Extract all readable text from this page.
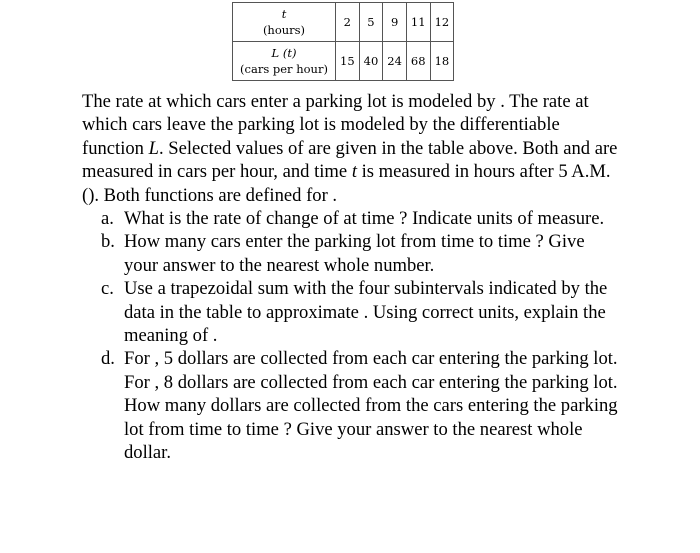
t
(hours)	2	5	9	11	12

L (t)
(cars per hour)	15	40	24	68	18

The rate at which cars enter a parking lot is modeled by . The rate at which cars leave the parking lot is modeled by the differentiable function L. Selected values of are given in the table above. Both and are measured in cars per hour, and time t is measured in hours after 5 A.M. (). Both functions are defined for .

a. What is the rate of change of at time ? Indicate units of measure.
b. How many cars enter the parking lot from time to time ? Give your answer to the nearest whole number.
c. Use a trapezoidal sum with the four subintervals indicated by the data in the table to approximate . Using correct units, explain the meaning of .
d. For , 5 dollars are collected from each car entering the parking lot. For , 8 dollars are collected from each car entering the parking lot. How many dollars are collected from the cars entering the parking lot from time to time ? Give your answer to the nearest whole dollar.
